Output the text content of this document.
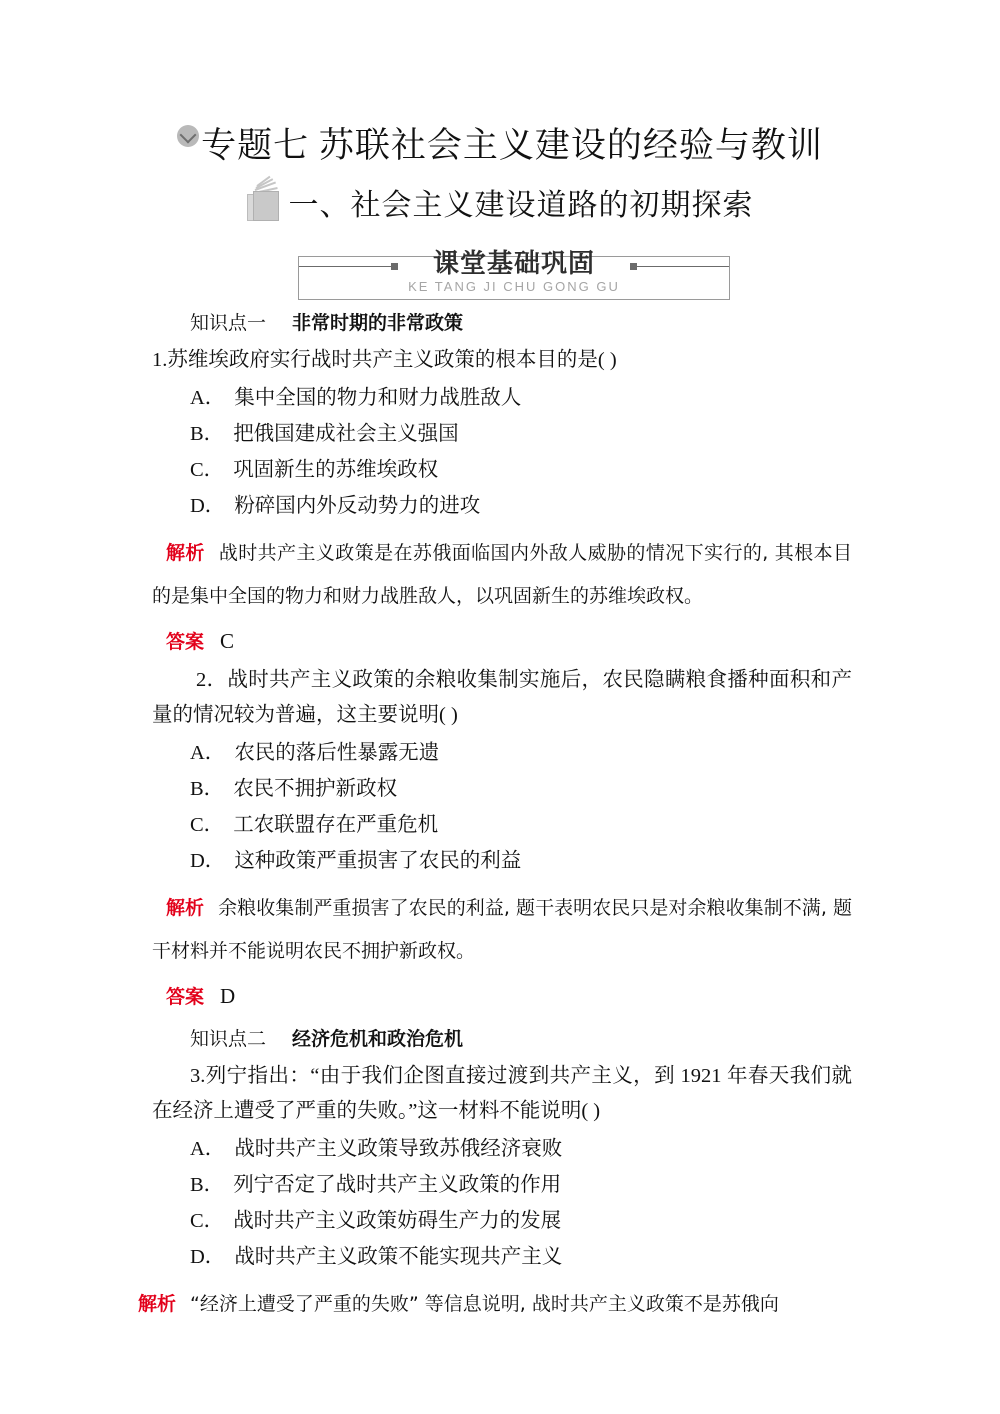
专题七 苏联社会主义建设的经验与教训
一、社会主义建设道路的初期探索
课堂基础巩固
KE TANG JI CHU GONG GU
知识点一 非常时期的非常政策

1.苏维埃政府实行战时共产主义政策的根本目的是( )

A． 集中全国的物力和财力战胜敌人

B． 把俄国建成社会主义强国

C． 巩固新生的苏维埃政权

D． 粉碎国内外反动势力的进攻

解析 战时共产主义政策是在苏俄面临国内外敌人威胁的情况下实行的, 其根本目的是集中全国的物力和财力战胜敌人，以巩固新生的苏维埃政权。

答案 C

2．战时共产主义政策的余粮收集制实施后，农民隐瞒粮食播种面积和产量的情况较为普遍，这主要说明( )

A． 农民的落后性暴露无遗

B． 农民不拥护新政权

C． 工农联盟存在严重危机

D． 这种政策严重损害了农民的利益

解析 余粮收集制严重损害了农民的利益, 题干表明农民只是对余粮收集制不满, 题干材料并不能说明农民不拥护新政权。

答案 D
知识点二 经济危机和政治危机

3.列宁指出：“由于我们企图直接过渡到共产主义，到 1921 年春天我们就在经济上遭受了严重的失败。”这一材料不能说明( )

A． 战时共产主义政策导致苏俄经济衰败

B． 列宁否定了战时共产主义政策的作用

C． 战时共产主义政策妨碍生产力的发展

D． 战时共产主义政策不能实现共产主义

解析 “经济上遭受了严重的失败” 等信息说明, 战时共产主义政策不是苏俄向
